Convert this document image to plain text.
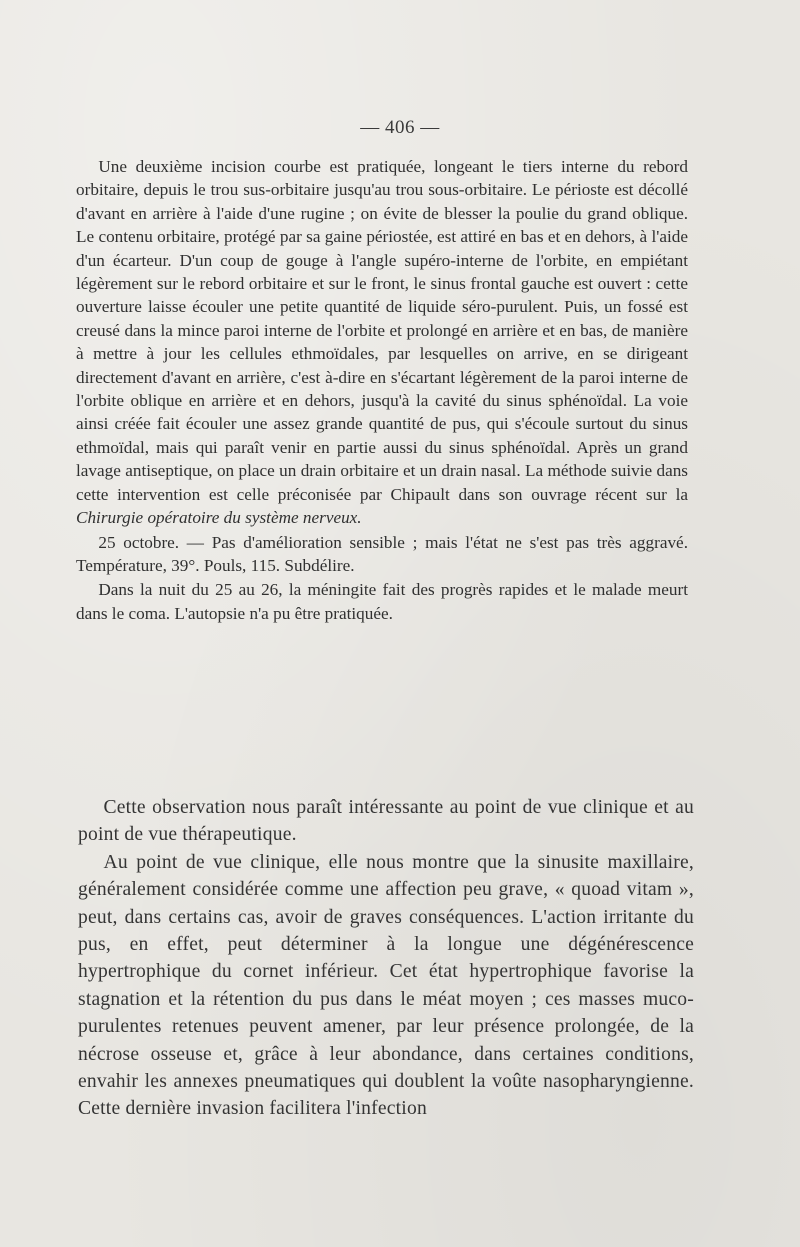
— 406 —

Une deuxième incision courbe est pratiquée, longeant le tiers interne du rebord orbitaire, depuis le trou sus-orbitaire jusqu'au trou sous-orbitaire. Le périoste est décollé d'avant en arrière à l'aide d'une rugine ; on évite de blesser la poulie du grand oblique. Le contenu orbitaire, protégé par sa gaine périostée, est attiré en bas et en dehors, à l'aide d'un écarteur. D'un coup de gouge à l'angle supéro-interne de l'orbite, en empiétant légèrement sur le rebord orbitaire et sur le front, le sinus frontal gauche est ouvert : cette ouverture laisse écouler une petite quantité de liquide séro-purulent. Puis, un fossé est creusé dans la mince paroi interne de l'orbite et prolongé en arrière et en bas, de manière à mettre à jour les cellules ethmoïdales, par lesquelles on arrive, en se dirigeant directement d'avant en arrière, c'est à-dire en s'écartant légèrement de la paroi interne de l'orbite oblique en arrière et en dehors, jusqu'à la cavité du sinus sphénoïdal. La voie ainsi créée fait écouler une assez grande quantité de pus, qui s'écoule surtout du sinus ethmoïdal, mais qui paraît venir en partie aussi du sinus sphénoïdal. Après un grand lavage antiseptique, on place un drain orbitaire et un drain nasal. La méthode suivie dans cette intervention est celle préconisée par Chipault dans son ouvrage récent sur la Chirurgie opératoire du système nerveux.

25 octobre. — Pas d'amélioration sensible ; mais l'état ne s'est pas très aggravé. Température, 39°. Pouls, 115. Subdélire.

Dans la nuit du 25 au 26, la méningite fait des progrès rapides et le malade meurt dans le coma. L'autopsie n'a pu être pratiquée.

Cette observation nous paraît intéressante au point de vue clinique et au point de vue thérapeutique.

Au point de vue clinique, elle nous montre que la sinusite maxillaire, généralement considérée comme une affection peu grave, « quoad vitam », peut, dans certains cas, avoir de graves conséquences. L'action irritante du pus, en effet, peut déterminer à la longue une dégénérescence hypertrophique du cornet inférieur. Cet état hypertrophique favorise la stagnation et la rétention du pus dans le méat moyen ; ces masses muco-purulentes retenues peuvent amener, par leur présence prolongée, de la nécrose osseuse et, grâce à leur abondance, dans certaines conditions, envahir les annexes pneumatiques qui doublent la voûte nasopharyngienne. Cette dernière invasion facilitera l'infection
